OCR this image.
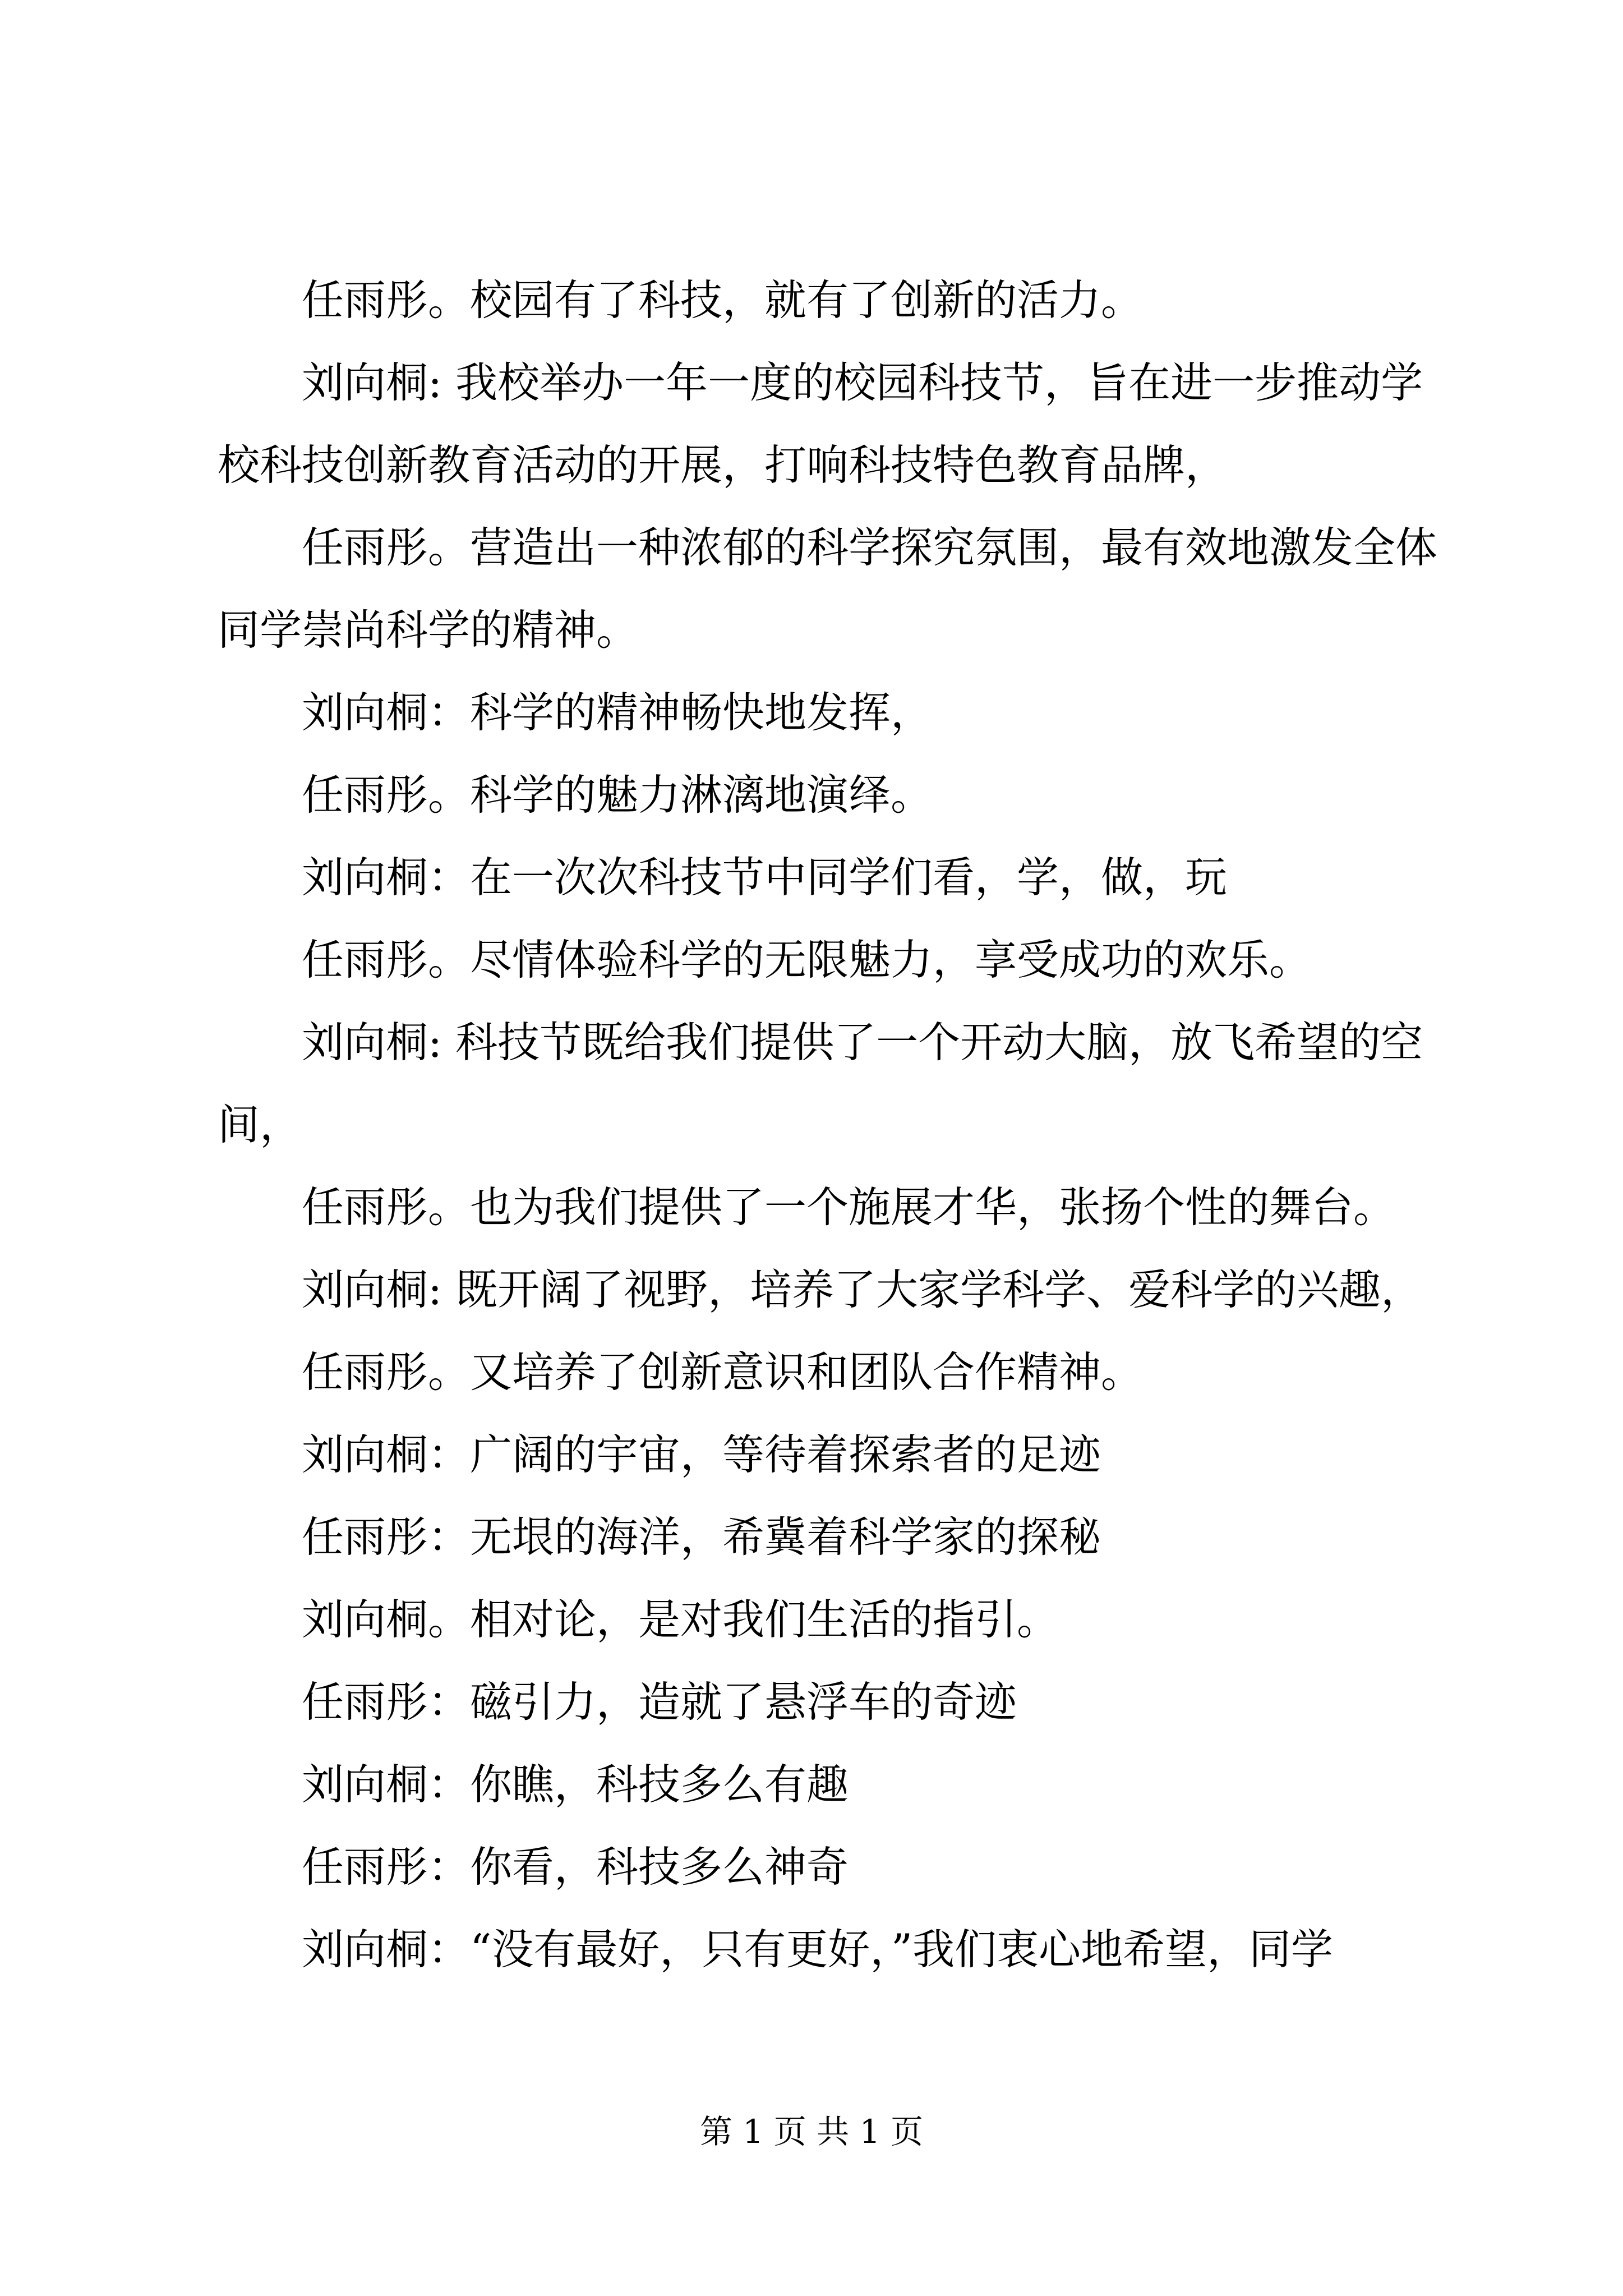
任雨彤。校园有了科技，就有了创新的活力。

刘向桐: 我校举办一年一度的校园科技节，旨在进一步推动学校科技创新教育活动的开展，打响科技特色教育品牌，

任雨彤。营造出一种浓郁的科学探究氛围，最有效地激发全体同学崇尚科学的精神。

刘向桐：科学的精神畅快地发挥，

任雨彤。科学的魅力淋漓地演绎。

刘向桐：在一次次科技节中同学们看，学，做，玩

任雨彤。尽情体验科学的无限魅力，享受成功的欢乐。

刘向桐: 科技节既给我们提供了一个开动大脑，放飞希望的空间，

任雨彤。也为我们提供了一个施展才华，张扬个性的舞台。

刘向桐: 既开阔了视野，培养了大家学科学、爱科学的兴趣，

任雨彤。又培养了创新意识和团队合作精神。

刘向桐：广阔的宇宙，等待着探索者的足迹

任雨彤：无垠的海洋，希冀着科学家的探秘

刘向桐。相对论，是对我们生活的指引。

任雨彤：磁引力，造就了悬浮车的奇迹

刘向桐：你瞧，科技多么有趣

任雨彤：你看，科技多么神奇

刘向桐：“没有最好，只有更好，”我们衷心地希望，同学

第 1 页 共 1 页
